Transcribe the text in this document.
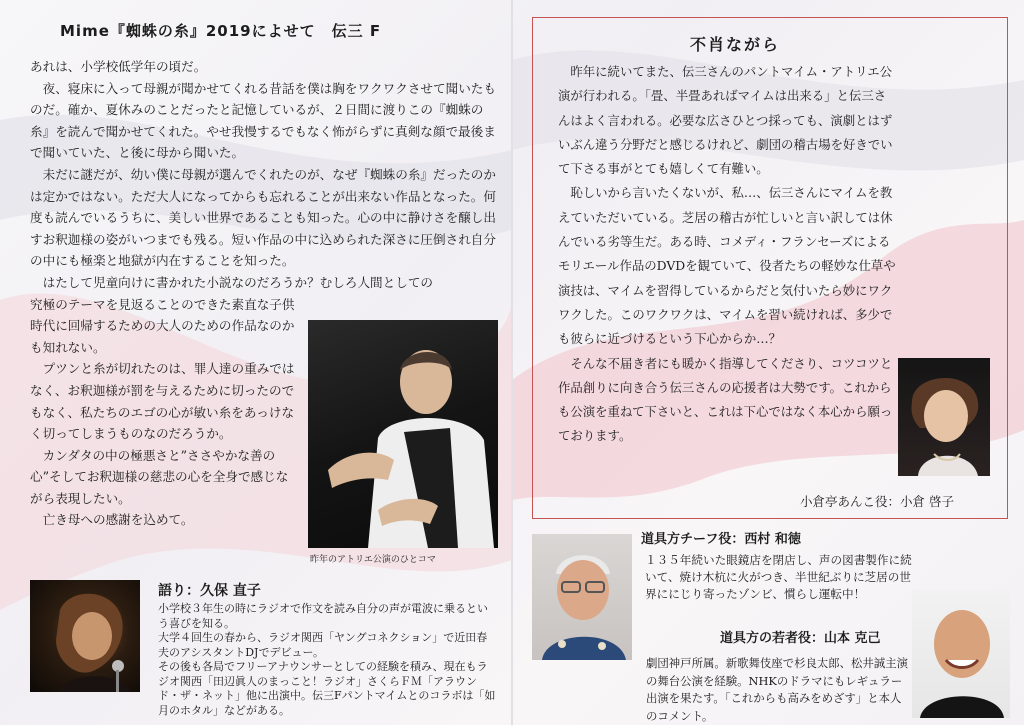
Mime『蜘蛛の糸』2019によせて　伝三 F

あれは、小学校低学年の頃だ。

夜、寝床に入って母親が聞かせてくれる昔話を僕は胸をワクワクさせて聞いたものだ。確か、夏休みのことだったと記憶しているが、２日間に渡りこの『蜘蛛の糸』を読んで聞かせてくれた。やせ我慢するでもなく怖がらずに真剣な顔で最後まで聞いていた、と後に母から聞いた。

未だに謎だが、幼い僕に母親が選んでくれたのが、なぜ『蜘蛛の糸』だったのかは定かではない。ただ大人になってからも忘れることが出来ない作品となった。何度も読んでいるうちに、美しい世界であることも知った。心の中に静けさを醸し出すお釈迦様の姿がいつまでも残る。短い作品の中に込められた深さに圧倒され自分の中にも極楽と地獄が内在することを知った。

はたして児童向けに書かれた小説なのだろうか？むしろ人間としての

究極のテーマを見返ることのできた素直な子供時代に回帰するための大人のための作品なのかも知れない。

プツンと糸が切れたのは、罪人達の重みではなく、お釈迦様が罰を与えるために切ったのでもなく、私たちのエゴの心が敏い糸をあっけなく切ってしまうものなのだろうか。

カンダタの中の極悪さと”ささやかな善の心”そしてお釈迦様の慈悲の心を全身で感じながら表現したい。

亡き母への感謝を込めて。

昨年のアトリエ公演のひとコマ
語り：久保 直子

小学校３年生の時にラジオで作文を読み自分の声が電波に乗るという喜びを知る。

大学４回生の春から、ラジオ関西「ヤングコネクション」で近田春夫のアシスタントDJでデビュー。

その後も各局でフリーアナウンサーとしての経験を積み、現在もラジオ関西「田辺眞人のまっこと！ラジオ」さくらＦＭ「アラウンド・ザ・ネット」他に出演中。伝三Fパントマイムとのコラボは「如月のホタル」などがある。

不肖ながら

昨年に続いてまた、伝三さんのパントマイム・アトリエ公演が行われる。「畳、半畳あればマイムは出来る」と伝三さんはよく言われる。必要な広さひとつ採っても、演劇とはずいぶん違う分野だと感じるけれど、劇団の稽古場を好きでいて下さる事がとても嬉しくて有難い。

恥しいから言いたくないが、私…、伝三さんにマイムを教えていただいている。芝居の稽古が忙しいと言い訳しては休んでいる劣等生だ。ある時、コメディ・フランセーズによるモリエール作品のDVDを観ていて、役者たちの軽妙な仕草や演技は、マイムを習得しているからだと気付いたら妙にワクワクした。このワクワクは、マイムを習い続ければ、多少でも彼らに近づけるという下心からか…？

そんな不届き者にも暖かく指導してくださり、コツコツと作品創りに向き合う伝三さんの応援者は大勢です。これからも公演を重ねて下さいと、これは下心ではなく本心から願っております。

小倉亭あんこ役：小倉 啓子
道具方チーフ役：西村 和徳

１３５年続いた眼鏡店を閉店し、声の図書製作に続いて、焼け木杭に火がつき、半世紀ぶりに芝居の世界ににじり寄ったゾンビ、慣らし運転中！

道具方の若者役：山本 克己

劇団神戸所属。新歌舞伎座で杉良太郎、松井誠主演の舞台公演を経験。NHKのドラマにもレギュラー出演を果たす。「これからも高みをめざす」と本人のコメント。
